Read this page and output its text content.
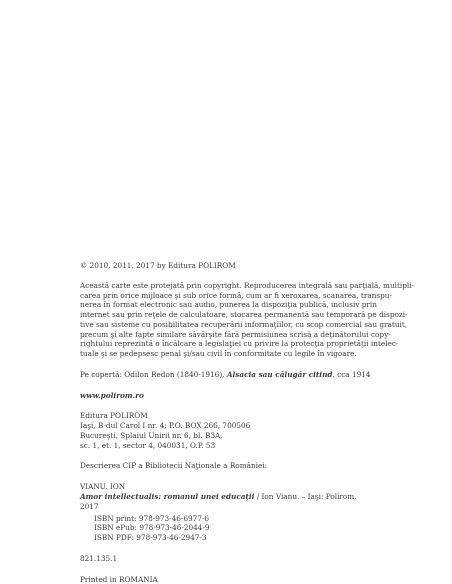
© 2010, 2011, 2017 by Editura POLIROM

Această carte este protejată prin copyright. Reproducerea integrală sau parţială, multipli-
carea prin orice mijloace şi sub orice formă, cum ar fi xeroxarea, scanarea, transpu-
nerea în format electronic sau audio, punerea la dispoziţia publică, inclusiv prin
internet sau prin reţele de calculatoare, stocarea permanentă sau temporară pe dispozi-
tive sau sisteme cu posibilitatea recuperării informaţiilor, cu scop comercial sau gratuit,
precum şi alte fapte similare săvârşite fără permisiunea scrisă a deţinătorului copy-
rightului reprezintă o încălcare a legislaţiei cu privire la protecţia proprietăţii intelec-
tuale şi se pedepsesc penal şi/sau civil în conformitate cu legile în vigoare.

Pe copertă: Odilon Redon (1840-1916), Alsacia sau călugăr citind, cca 1914

www.polirom.ro

Editura POLIROM
Iaşi, B-dul Carol I nr. 4; P.O. BOX 266, 700506
Bucureşti, Splaiul Unirii nr. 6, bl. B3A,
sc. 1, et. 1, sector 4, 040031, O.P. 53

Descrierea CIP a Bibliotecii Naţionale a României:

VIANU, ION

Amor intellectualis: romanul unei educaţii / Ion Vianu. – Iaşi: Polirom, 2017

ISBN print: 978-973-46-6977-6
ISBN ePub: 978-973-46-2044-9
ISBN PDF: 978-973-46-2947-3

821.135.1

Printed in ROMANIA
